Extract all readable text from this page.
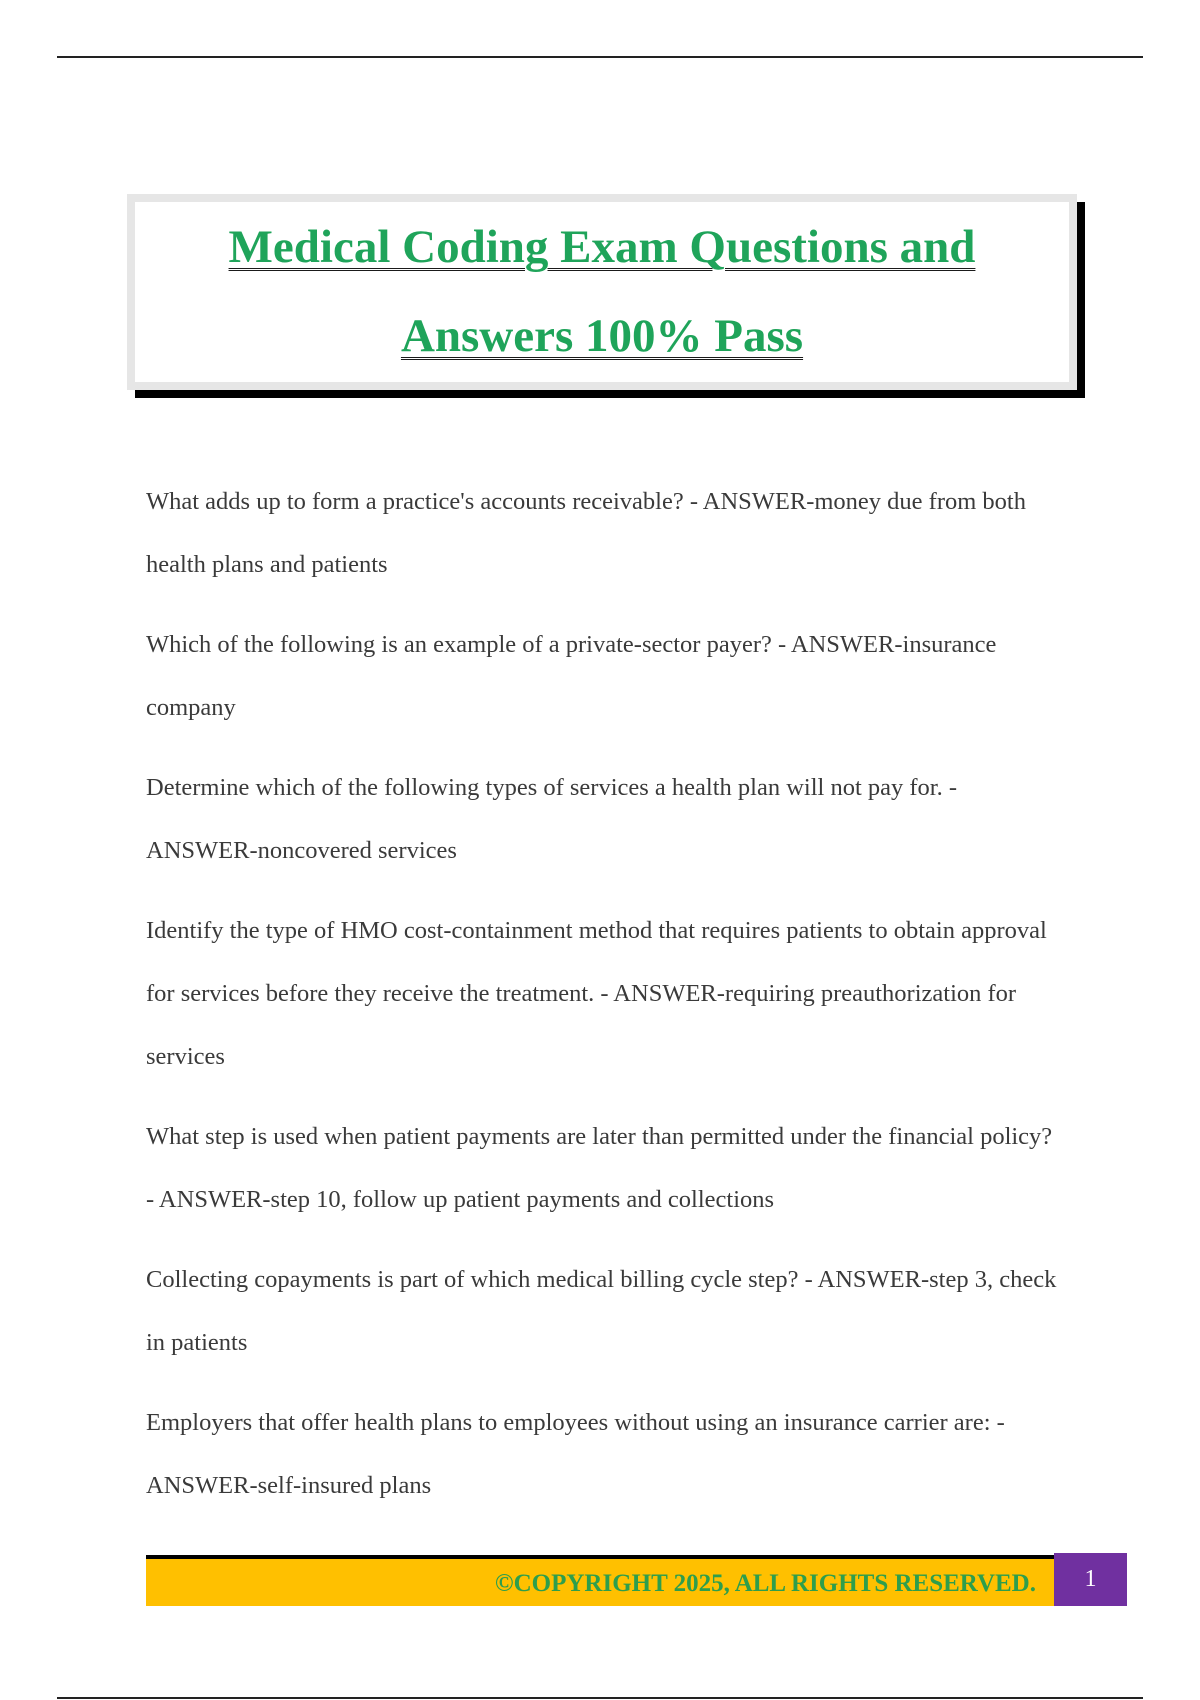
Medical Coding Exam Questions and
Answers 100% Pass

What adds up to form a practice's accounts receivable? - ANSWER-money due from both health plans and patients

Which of the following is an example of a private-sector payer? - ANSWER-insurance company

Determine which of the following types of services a health plan will not pay for. - ANSWER-noncovered services

Identify the type of HMO cost-containment method that requires patients to obtain approval for services before they receive the treatment. - ANSWER-requiring preauthorization for services

What step is used when patient payments are later than permitted under the financial policy? - ANSWER-step 10, follow up patient payments and collections

Collecting copayments is part of which medical billing cycle step? - ANSWER-step 3, check in patients

Employers that offer health plans to employees without using an insurance carrier are: - ANSWER-self-insured plans

©COPYRIGHT 2025, ALL RIGHTS RESERVED.	1
